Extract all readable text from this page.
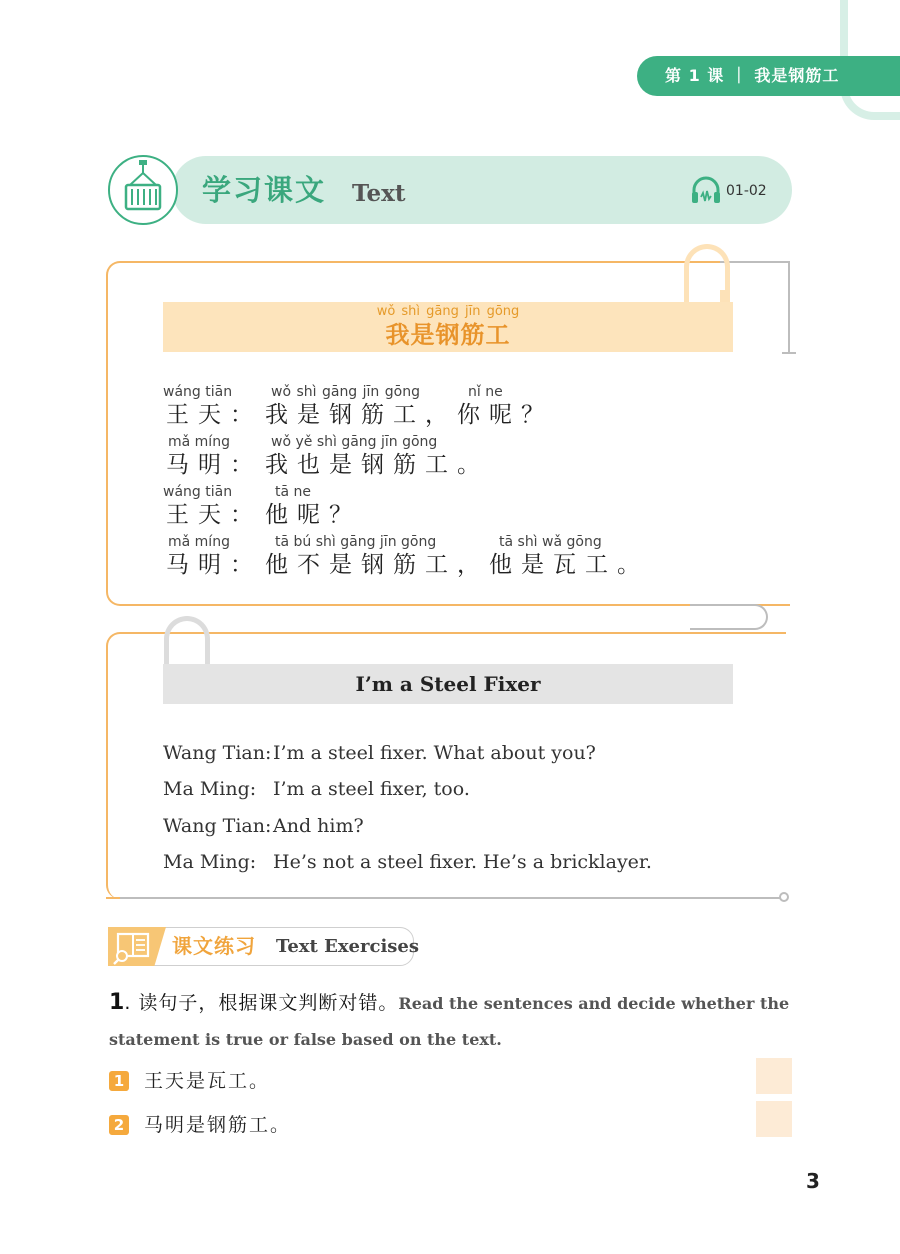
第 1 课 ｜ 我是钢筋工
学习课文 Text	01-02
wǒ shì gāng jīn gōng
我是钢筋工
wáng tiān	wǒ shì gāng jīn gōng	nǐ ne
王天： 我是钢筋工，你呢？
mǎ míng	wǒ yě shì gāng jīn gōng
马明： 我也是钢筋工。
wáng tiān	tā ne
王天： 他呢？
mǎ míng	tā bú shì gāng jīn gōng	tā shì wǎ gōng
马明： 他不是钢筋工，他是瓦工。
I’m a Steel Fixer
Wang Tian: I’m a steel fixer. What about you?
Ma Ming: I’m a steel fixer, too.
Wang Tian: And him?
Ma Ming: He’s not a steel fixer. He’s a bricklayer.
课文练习 Text Exercises
1. 读句子，根据课文判断对错。Read the sentences and decide whether the
statement is true or false based on the text.
1 王天是瓦工。
2 马明是钢筋工。
3
